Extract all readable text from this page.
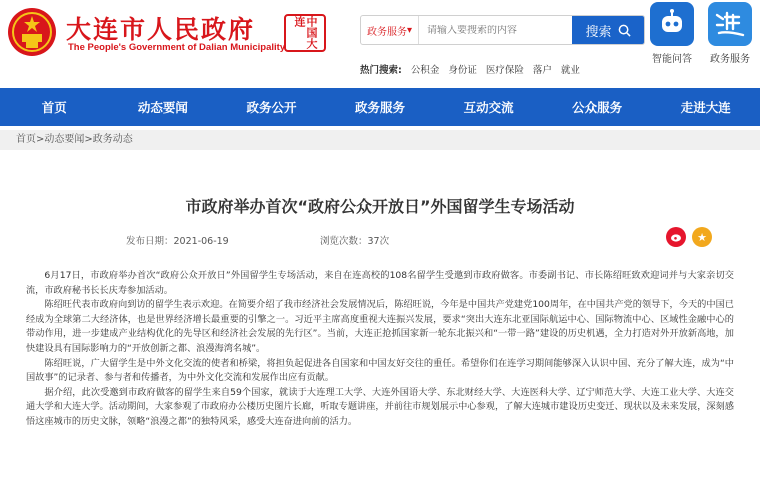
大连市人民政府
The People's Government of Dalian Municipality	中国大连
政务服务 ▾
请输入要搜索的内容	搜索
热门搜索: 公积金 身份证 医疗保险 落户 就业
智能问答	政务服务
首页	动态要闻	政务公开	政务服务	互动交流	公众服务	走进大连
首页>动态要闻>政务动态
市政府举办首次“政府公众开放日”外国留学生专场活动
发布日期：2021-06-19	浏览次数：37次	★

6月17日，市政府举办首次“政府公众开放日”外国留学生专场活动，来自在连高校的108名留学生受邀到市政府做客。市委副书记、市长陈绍旺致欢迎词并与大家亲切交流，市政府秘书长长庆寿参加活动。

陈绍旺代表市政府向到访的留学生表示欢迎。在简要介绍了我市经济社会发展情况后，陈绍旺说，今年是中国共产党建党100周年，在中国共产党的领导下，今天的中国已经成为全球第二大经济体，也是世界经济增长最重要的引擎之一。习近平主席高度重视大连振兴发展，要求“突出大连东北亚国际航运中心、国际物流中心、区域性金融中心的带动作用，进一步建成产业结构优化的先导区和经济社会发展的先行区”。当前，大连正抢抓国家新一轮东北振兴和“一带一路”建设的历史机遇，全力打造对外开放新高地，加快建设具有国际影响力的“开放创新之都、浪漫海湾名城”。

陈绍旺说，广大留学生是中外文化交流的使者和桥梁，将担负起促进各自国家和中国友好交往的重任。希望你们在连学习期间能够深入认识中国、充分了解大连，成为“中国故事”的记录者、参与者和传播者，为中外文化交流和发展作出应有贡献。

据介绍，此次受邀到市政府做客的留学生来自59个国家，就读于大连理工大学、大连外国语大学、东北财经大学、大连医科大学、辽宁师范大学、大连工业大学、大连交通大学和大连大学。活动期间，大家参观了市政府办公楼历史图片长廊，听取专题讲座，并前往市规划展示中心参观，了解大连城市建设历史变迁、现状以及未来发展，深刻感悟这座城市的历史文脉，领略“浪漫之都”的独特风采，感受大连奋进向前的活力。
